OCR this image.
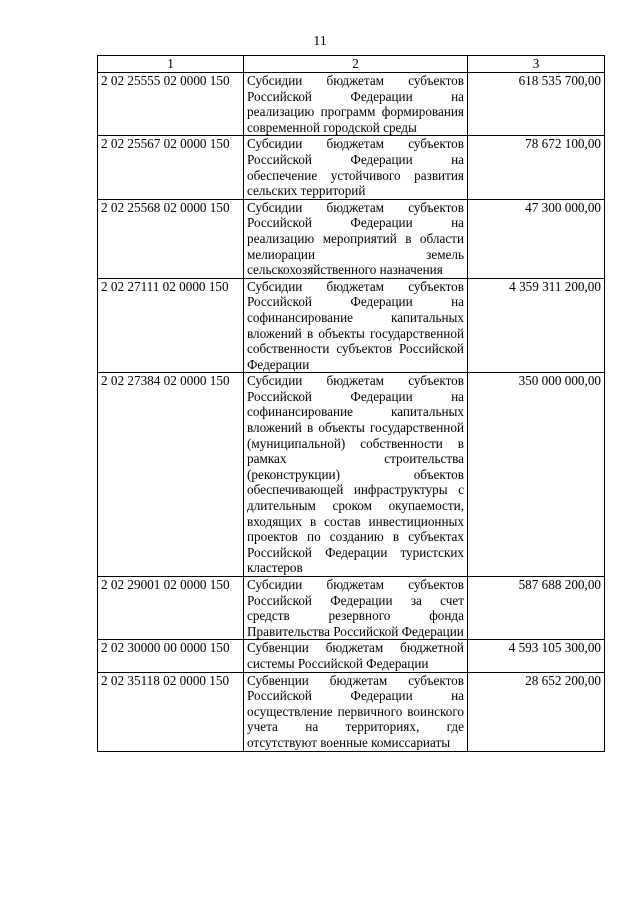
11
1	2	3
2 02 25555 02 0000 150	Субсидии бюджетам субъектов Российской Федерации на реализацию программ формирования современной городской среды	618 535 700,00
2 02 25567 02 0000 150	Субсидии бюджетам субъектов Российской Федерации на обеспечение устойчивого развития сельских территорий	78 672 100,00
2 02 25568 02 0000 150	Субсидии бюджетам субъектов Российской Федерации на реализацию мероприятий в области мелиорации земель сельскохозяйственного назначения	47 300 000,00
2 02 27111 02 0000 150	Субсидии бюджетам субъектов Российской Федерации на софинансирование капитальных вложений в объекты государственной собственности субъектов Российской Федерации	4 359 311 200,00
2 02 27384 02 0000 150	Субсидии бюджетам субъектов Российской Федерации на софинансирование капитальных вложений в объекты государственной (муниципальной) собственности в рамках строительства (реконструкции) объектов обеспечивающей инфраструктуры с длительным сроком окупаемости, входящих в состав инвестиционных проектов по созданию в субъектах Российской Федерации туристских кластеров	350 000 000,00
2 02 29001 02 0000 150	Субсидии бюджетам субъектов Российской Федерации за счет средств резервного фонда Правительства Российской Федерации	587 688 200,00
2 02 30000 00 0000 150	Субвенции бюджетам бюджетной системы Российской Федерации	4 593 105 300,00
2 02 35118 02 0000 150	Субвенции бюджетам субъектов Российской Федерации на осуществление первичного воинского учета на территориях, где отсутствуют военные комиссариаты	28 652 200,00
